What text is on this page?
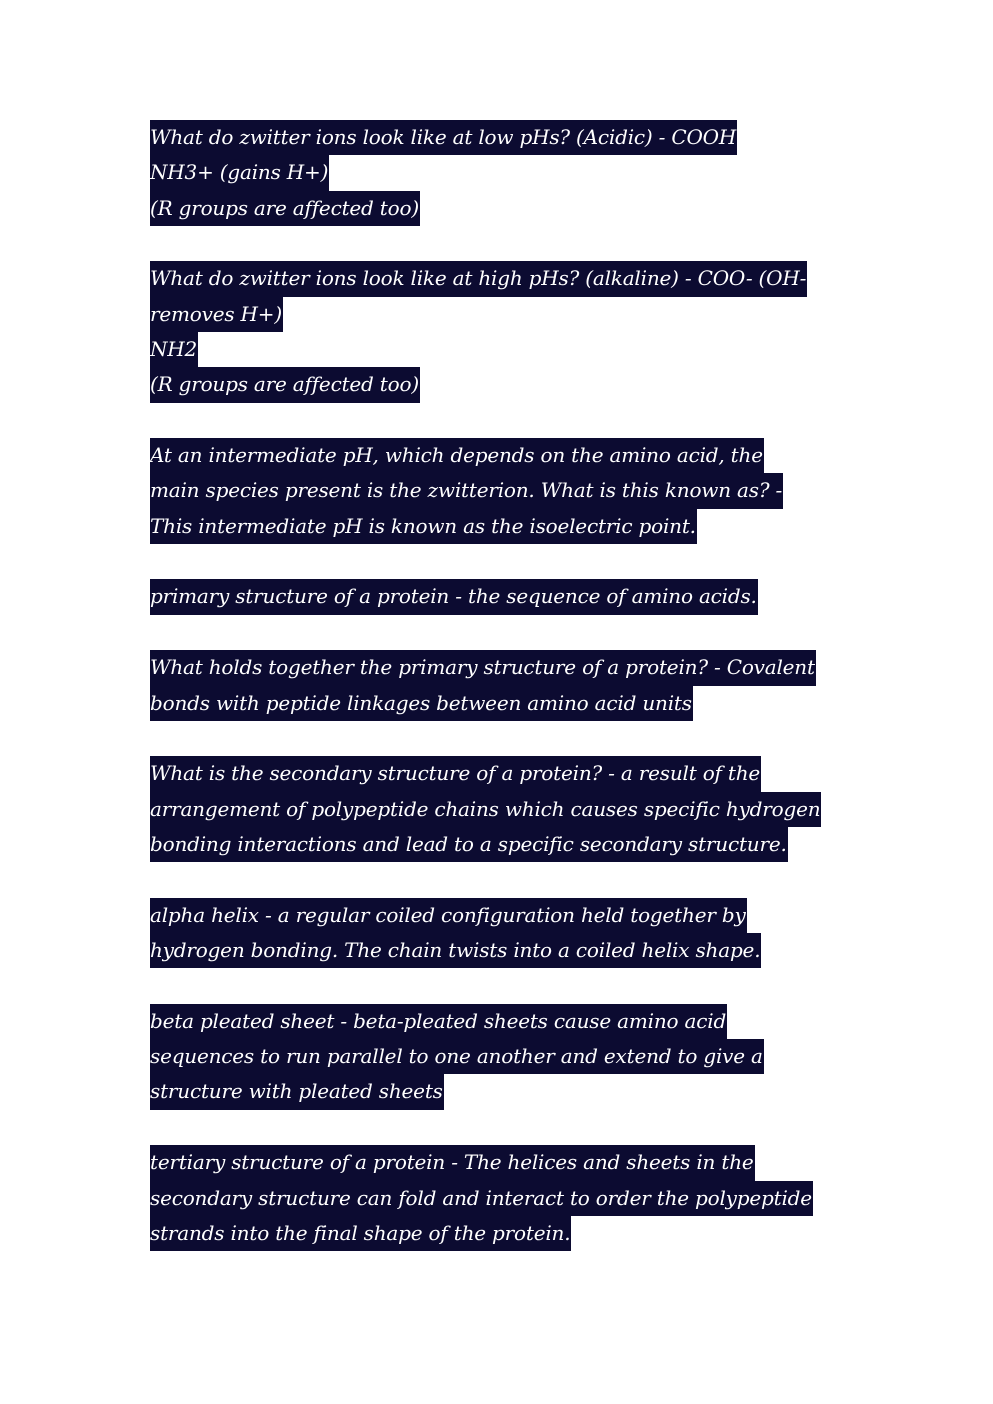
What do zwitter ions look like at low pHs? (Acidic) - COOH
NH3+ (gains H+)
(R groups are affected too)
What do zwitter ions look like at high pHs? (alkaline) - COO- (OH-
removes H+)
NH2
(R groups are affected too)
At an intermediate pH, which depends on the amino acid, the
main species present is the zwitterion. What is this known as? -
This intermediate pH is known as the isoelectric point.
primary structure of a protein - the sequence of amino acids.
What holds together the primary structure of a protein? - Covalent
bonds with peptide linkages between amino acid units
What is the secondary structure of a protein? - a result of the
arrangement of polypeptide chains which causes specific hydrogen
bonding interactions and lead to a specific secondary structure.
alpha helix - a regular coiled configuration held together by
hydrogen bonding. The chain twists into a coiled helix shape.
beta pleated sheet - beta-pleated sheets cause amino acid
sequences to run parallel to one another and extend to give a
structure with pleated sheets
tertiary structure of a protein - The helices and sheets in the
secondary structure can fold and interact to order the polypeptide
strands into the final shape of the protein.
